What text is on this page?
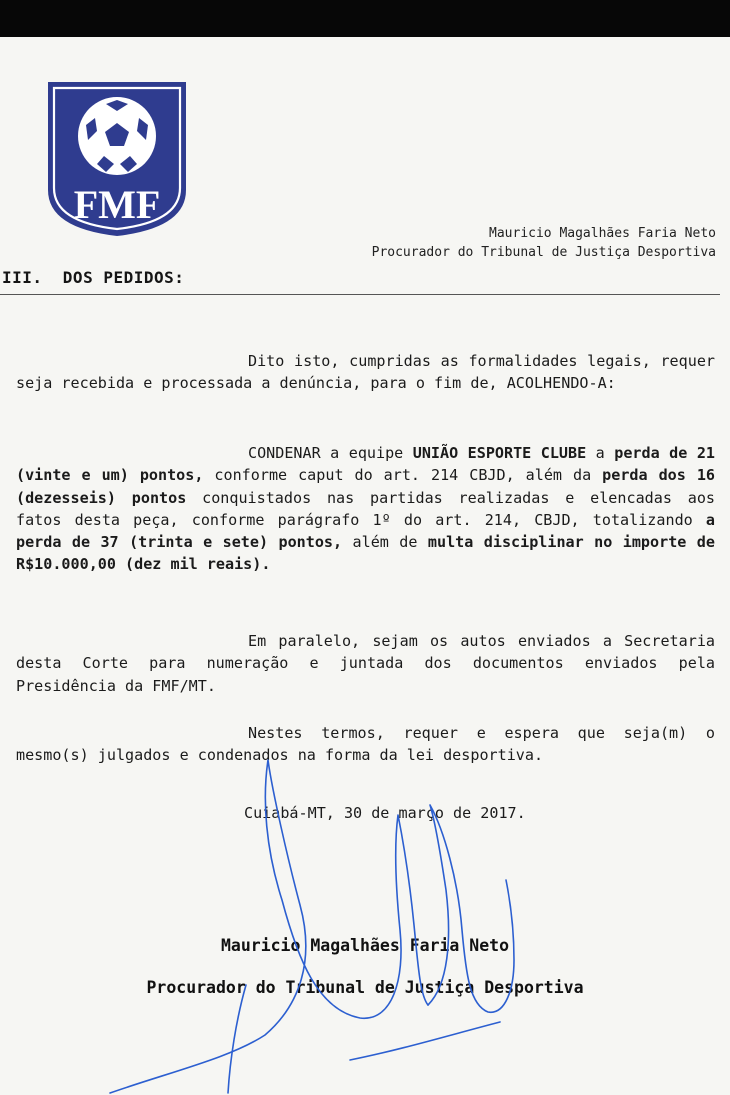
FMF
Mauricio Magalhães Faria Neto
Procurador do Tribunal de Justiça Desportiva
III.  DOS PEDIDOS:

Dito isto, cumpridas as formalidades legais, requer seja recebida e processada a denúncia, para o fim de, ACOLHENDO-A:

CONDENAR a equipe UNIÃO ESPORTE CLUBE a perda de 21 (vinte e um) pontos, conforme caput do art. 214 CBJD, além da perda dos 16 (dezesseis) pontos conquistados nas partidas realizadas e elencadas aos fatos desta peça, conforme parágrafo 1º do art. 214, CBJD, totalizando a perda de 37 (trinta e sete) pontos, além de multa disciplinar no importe de R$10.000,00 (dez mil reais).

Em paralelo, sejam os autos enviados a Secretaria desta Corte para numeração e juntada dos documentos enviados pela Presidência da FMF/MT.

Nestes termos, requer e espera que seja(m) o mesmo(s) julgados e condenados na forma da lei desportiva.

Cuiabá-MT, 30 de março de 2017.
Mauricio Magalhães Faria Neto
Procurador do Tribunal de Justiça Desportiva
